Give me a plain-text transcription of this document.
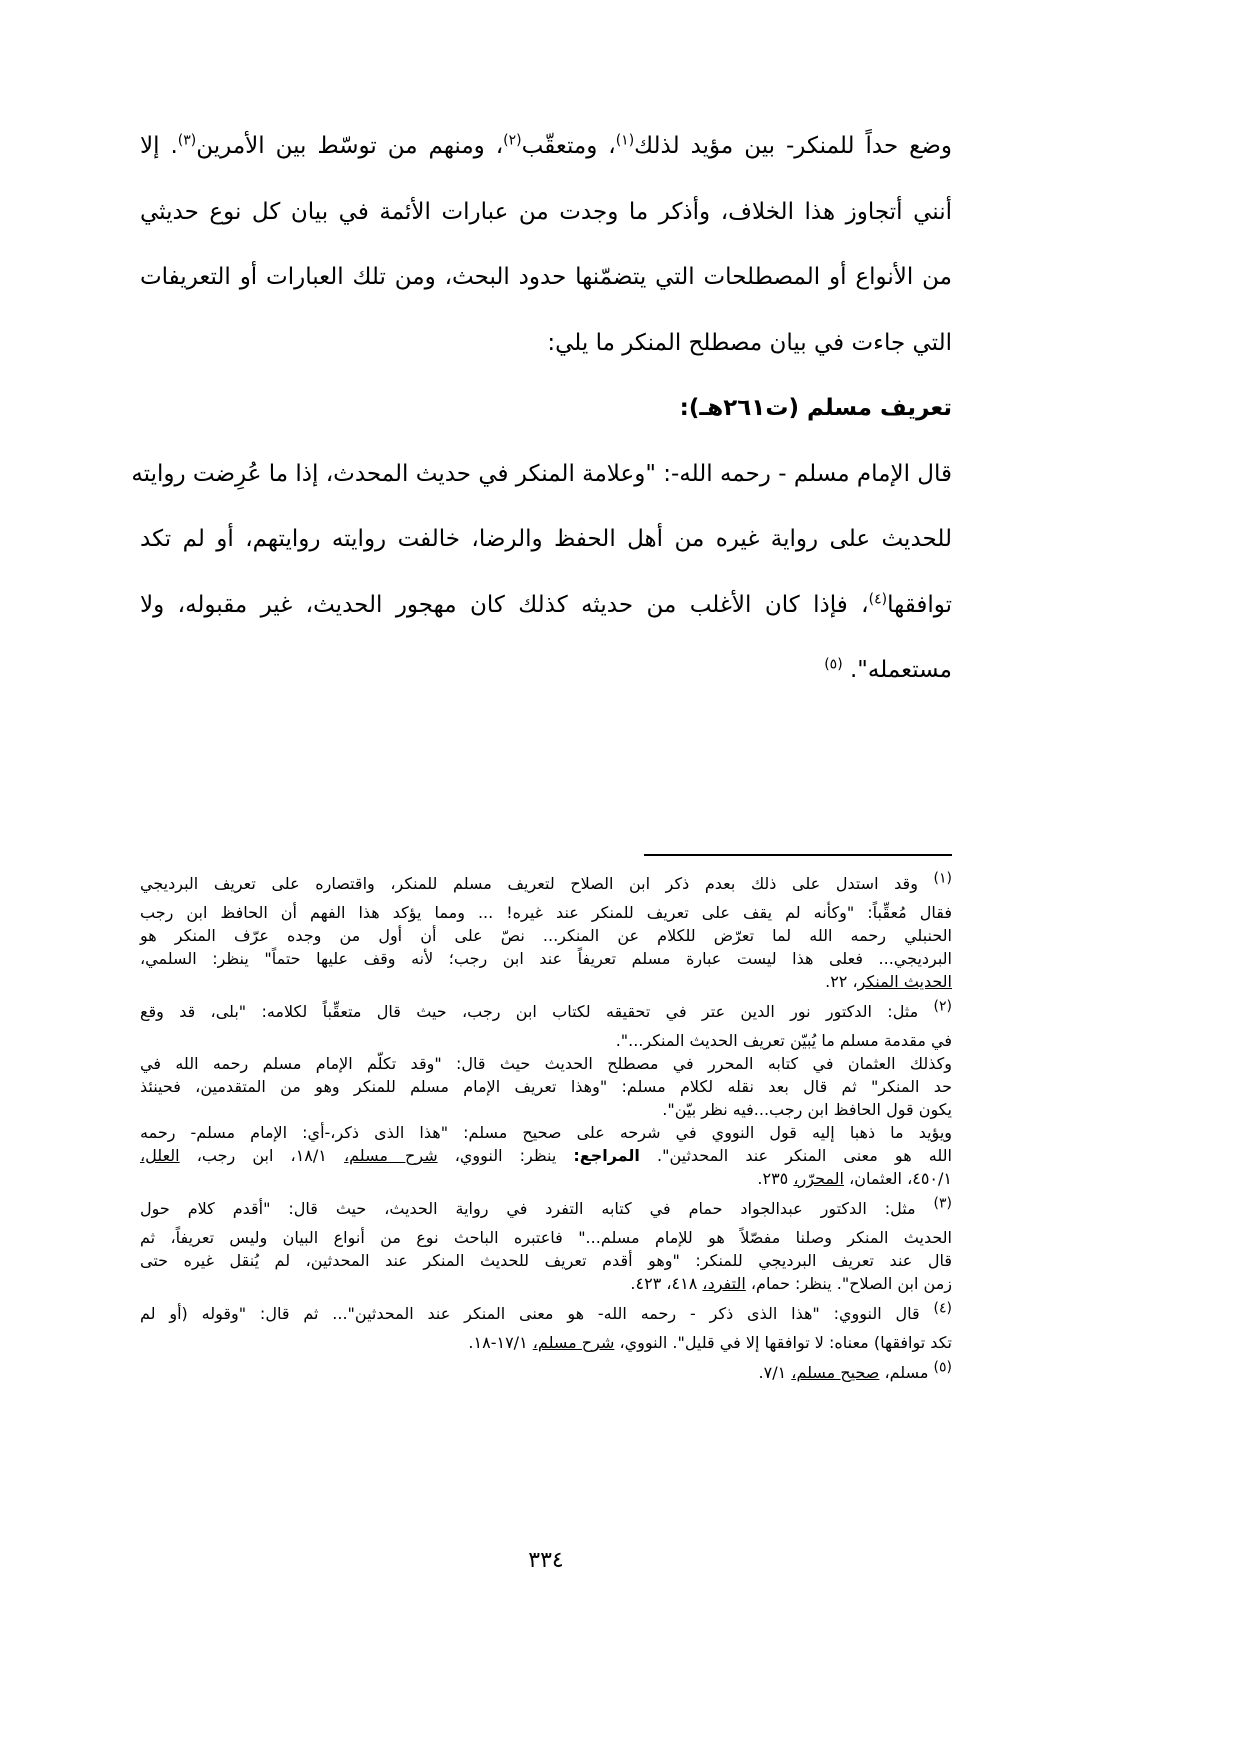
وضع حداً للمنكر- بين مؤيد لذلك$^{(١)}$، ومتعقّب$^{(٢)}$، ومنهم من توسّط بين الأمرين$^{(٣)}$. إلا

أنني أتجاوز هذا الخلاف، وأذكر ما وجدت من عبارات الأئمة في بيان كل نوع حديثي

من الأنواع أو المصطلحات التي يتضمّنها حدود البحث، ومن تلك العبارات أو التعريفات

التي جاءت في بيان مصطلح المنكر ما يلي:

تعريف مسلم (ت٢٦١هـ):

قال الإمام مسلم - رحمه الله-: "وعلامة المنكر في حديث المحدث، إذا ما عُرِضت روايته

للحديث على رواية غيره من أهل الحفظ والرضا، خالفت روايته روايتهم، أو لم تكد

توافقها$^{(٤)}$، فإذا كان الأغلب من حديثه كذلك كان مهجور الحديث، غير مقبوله، ولا

مستعمله". $^{(٥)}$

$^{(١)}$ وقد استدل على ذلك بعدم ذكر ابن الصلاح لتعريف مسلم للمنكر، واقتصاره على تعريف البرديجي
فقال مُعقِّباً: "وكأنه لم يقف على تعريف للمنكر عند غيره! ... ومما يؤكد هذا الفهم أن الحافظ ابن رجب
الحنبلي رحمه الله لما تعرّض للكلام عن المنكر... نصّ على أن أول من وجده عرّف المنكر هو
البرديجي... فعلى هذا ليست عبارة مسلم تعريفاً عند ابن رجب؛ لأنه وقف عليها حتماً" ينظر: السلمي،
الحديث المنكر، ٢٢.
$^{(٢)}$ مثل: الدكتور نور الدين عتر في تحقيقه لكتاب ابن رجب، حيث قال متعقِّباً لكلامه: "بلى، قد وقع
في مقدمة مسلم ما يُبيّن تعريف الحديث المنكر...".
وكذلك العثمان في كتابه المحرر في مصطلح الحديث حيث قال: "وقد تكلّم الإمام مسلم رحمه الله في
حد المنكر" ثم قال بعد نقله لكلام مسلم: "وهذا تعريف الإمام مسلم للمنكر وهو من المتقدمين، فحينئذ
يكون قول الحافظ ابن رجب...فيه نظر بيّن".
ويؤيد ما ذهبا إليه قول النووي في شرحه على صحيح مسلم: "هذا الذى ذكر،-أي: الإمام مسلم- رحمه
الله هو معنى المنكر عند المحدثين". المراجع: ينظر: النووي، شرح مسلم، ١٨/١، ابن رجب، العلل،
٤٥٠/١، العثمان، المحرّر، ٢٣٥.
$^{(٣)}$ مثل: الدكتور عبدالجواد حمام في كتابه التفرد في رواية الحديث، حيث قال: "أقدم كلام حول
الحديث المنكر وصلنا مفصّلاً هو للإمام مسلم..." فاعتبره الباحث نوع من أنواع البيان وليس تعريفاً، ثم
قال عند تعريف البرديجي للمنكر: "وهو أقدم تعريف للحديث المنكر عند المحدثين، لم يُنقل غيره حتى
زمن ابن الصلاح". ينظر: حمام، التفرد، ٤١٨، ٤٢٣.
$^{(٤)}$ قال النووي: "هذا الذى ذكر - رحمه الله- هو معنى المنكر عند المحدثين"... ثم قال: "وقوله (أو لم
تكد توافقها) معناه: لا توافقها إلا في قليل". النووي، شرح مسلم، ١٧/١-١٨.
$^{(٥)}$ مسلم، صحيح مسلم، ٧/١.
٣٣٤
